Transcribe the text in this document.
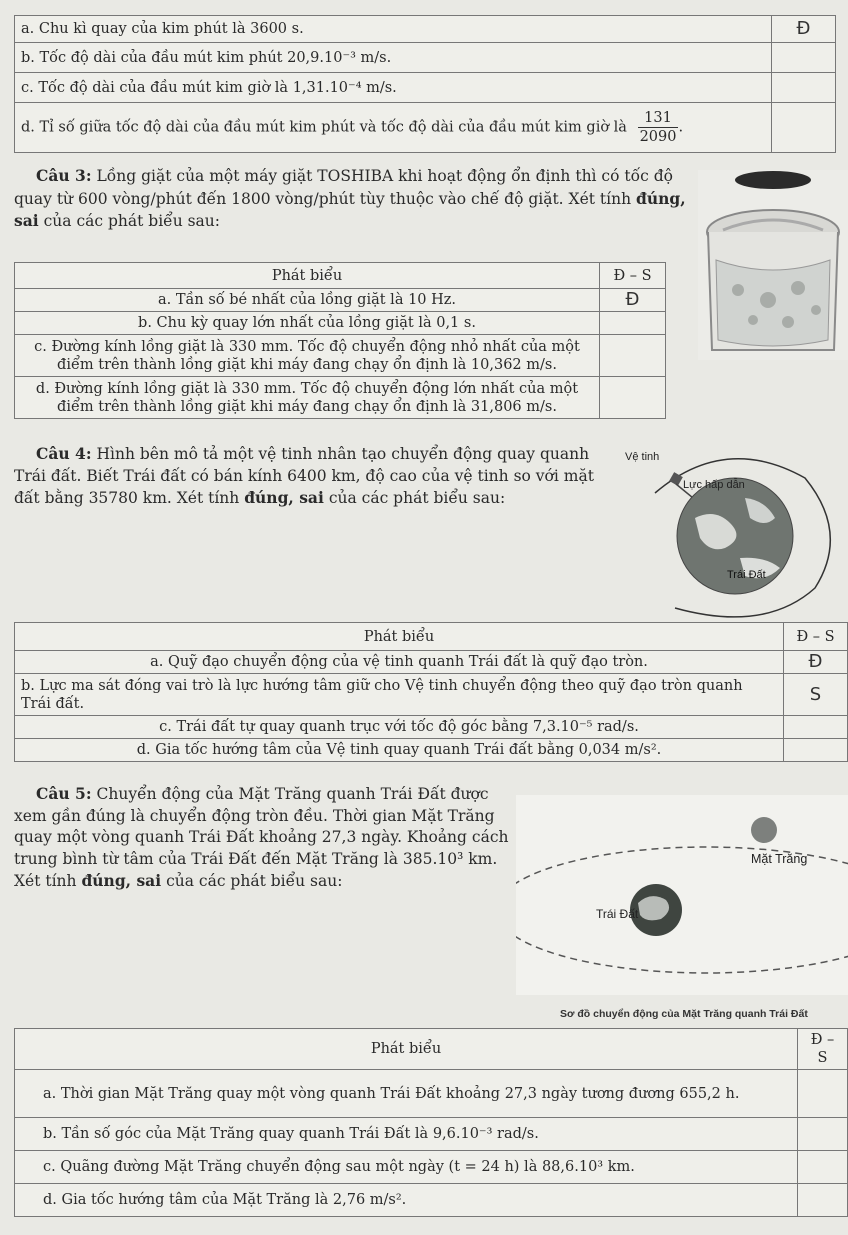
a. Chu kì quay của kim phút là 3600 s.	Đ
b. Tốc độ dài của đầu mút kim phút 20,9.10⁻³ m/s.	
c. Tốc độ dài của đầu mút kim giờ là 1,31.10⁻⁴ m/s.	
d. Tỉ số giữa tốc độ dài của đầu mút kim phút và tốc độ dài của đầu mút kim giờ là $\frac{131}{2090}$ .	
Câu 3: Lồng giặt của một máy giặt TOSHIBA khi hoạt động ổn định thì có tốc độ quay từ 600 vòng/phút đến 1800 vòng/phút tùy thuộc vào chế độ giặt. Xét tính đúng, sai của các phát biểu sau:
Phát biểu	Đ – S
a. Tần số bé nhất của lồng giặt là 10 Hz.	Đ
b. Chu kỳ quay lớn nhất của lồng giặt là 0,1 s.	
c. Đường kính lồng giặt là 330 mm. Tốc độ chuyển động nhỏ nhất của một điểm trên thành lồng giặt khi máy đang chạy ổn định là 10,362 m/s.	
d. Đường kính lồng giặt là 330 mm. Tốc độ chuyển động lớn nhất của một điểm trên thành lồng giặt khi máy đang chạy ổn định là 31,806 m/s.	
Câu 4: Hình bên mô tả một vệ tinh nhân tạo chuyển động quay quanh Trái đất. Biết Trái đất có bán kính 6400 km, độ cao của vệ tinh so với mặt đất bằng 35780 km. Xét tính đúng, sai của các phát biểu sau:
Vệ tinh
Lực hấp dẫn
Trái Đất
Phát biểu	Đ – S
a. Quỹ đạo chuyển động của vệ tinh quanh Trái đất là quỹ đạo tròn.	Đ
b. Lực ma sát đóng vai trò là lực hướng tâm giữ cho Vệ tinh chuyển động theo quỹ đạo tròn quanh Trái đất.	S
c. Trái đất tự quay quanh trục với tốc độ góc bằng 7,3.10⁻⁵ rad/s.	
d. Gia tốc hướng tâm của Vệ tinh quay quanh Trái đất bằng 0,034 m/s².	
Câu 5: Chuyển động của Mặt Trăng quanh Trái Đất được xem gần đúng là chuyển động tròn đều. Thời gian Mặt Trăng quay một vòng quanh Trái Đất khoảng 27,3 ngày. Khoảng cách trung bình từ tâm của Trái Đất đến Mặt Trăng là 385.10³ km. Xét tính đúng, sai của các phát biểu sau:
Mặt Trăng
Trái Đất
Sơ đồ chuyển động của Mặt Trăng quanh Trái Đất
Phát biểu	Đ – S
a. Thời gian Mặt Trăng quay một vòng quanh Trái Đất khoảng 27,3 ngày tương đương 655,2 h.	
b. Tần số góc của Mặt Trăng quay quanh Trái Đất là 9,6.10⁻³ rad/s.	
c. Quãng đường Mặt Trăng chuyển động sau một ngày (t = 24 h) là 88,6.10³ km.	
d. Gia tốc hướng tâm của Mặt Trăng là 2,76 m/s².	
